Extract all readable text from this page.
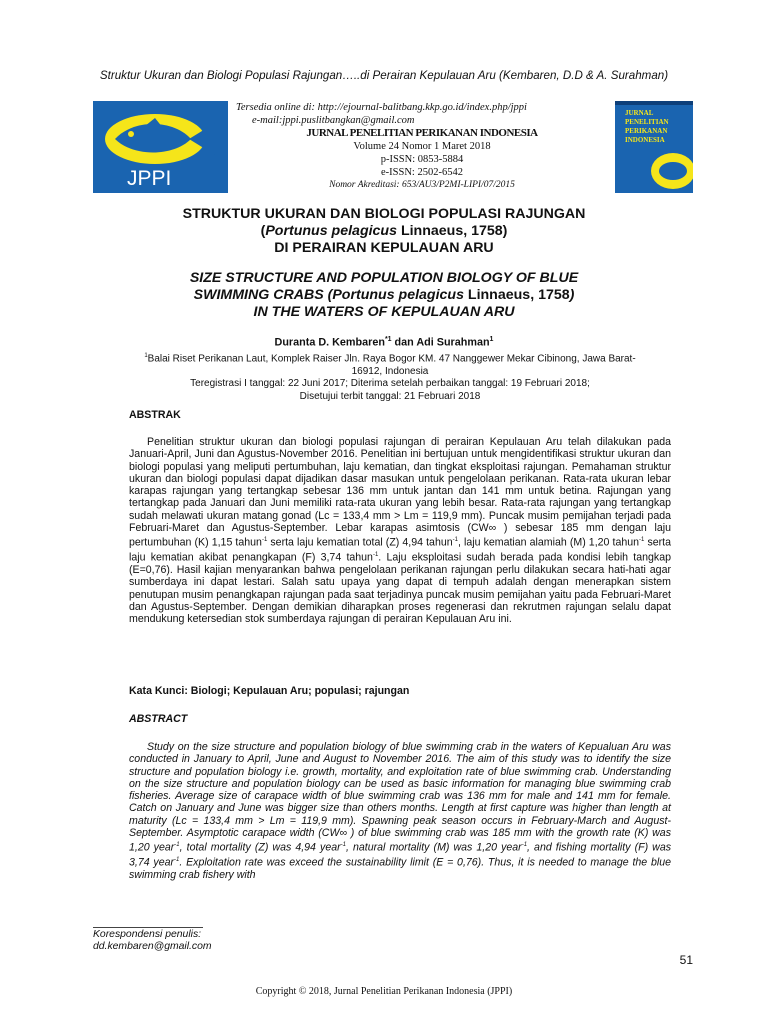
Struktur Ukuran dan Biologi Populasi Rajungan…..di Perairan Kepulauan Aru (Kembaren, D.D & A. Surahman)
JPPI
Tersedia online di: http://ejournal-balitbang.kkp.go.id/index.php/jppi
e-mail:jppi.puslitbangkan@gmail.com
JURNAL PENELITIAN PERIKANAN INDONESIA
Volume 24 Nomor 1 Maret 2018
p-ISSN: 0853-5884
e-ISSN: 2502-6542
Nomor Akreditasi: 653/AU3/P2MI-LIPI/07/2015
JURNAL
PENELITIAN
PERIKANAN
INDONESIA
STRUKTUR UKURAN DAN BIOLOGI POPULASI RAJUNGAN
(Portunus pelagicus Linnaeus, 1758)
DI PERAIRAN KEPULAUAN ARU
SIZE STRUCTURE AND POPULATION BIOLOGY OF BLUE
SWIMMING CRABS (Portunus pelagicus Linnaeus, 1758)
IN THE WATERS OF KEPULAUAN ARU
Duranta D. Kembaren$^{*1}$ dan Adi Surahman$^1$
$^1$Balai Riset Perikanan Laut, Komplek Raiser Jln. Raya Bogor KM. 47 Nanggewer Mekar Cibinong, Jawa Barat-16912, Indonesia
Teregistrasi I tanggal: 22 Juni 2017; Diterima setelah perbaikan tanggal: 19 Februari 2018;
Disetujui terbit tanggal: 21 Februari 2018
ABSTRAK

Penelitian struktur ukuran dan biologi populasi rajungan di perairan Kepulauan Aru telah dilakukan pada Januari-April, Juni dan Agustus-November 2016. Penelitian ini bertujuan untuk mengidentifikasi struktur ukuran dan biologi populasi yang meliputi pertumbuhan, laju kematian, dan tingkat eksploitasi rajungan. Pemahaman struktur ukuran dan biologi populasi dapat dijadikan dasar masukan untuk pengelolaan perikanan. Rata-rata ukuran lebar karapas rajungan yang tertangkap sebesar 136 mm untuk jantan dan 141 mm untuk betina. Rajungan yang tertangkap pada Januari dan Juni memiliki rata-rata ukuran yang lebih besar. Rata-rata rajungan yang tertangkap sudah melawati ukuran matang gonad (Lc = 133,4 mm > Lm = 119,9 mm). Puncak musim pemijahan terjadi pada Februari-Maret dan Agustus-September. Lebar karapas asimtosis (CW∞ ) sebesar 185 mm dengan laju pertumbuhan (K) 1,15 tahun$^{-1}$ serta laju kematian total (Z) 4,94 tahun$^{-1}$, laju kematian alamiah (M) 1,20 tahun$^{-1}$ serta laju kematian akibat penangkapan (F) 3,74 tahun$^{-1}$. Laju eksploitasi sudah berada pada kondisi lebih tangkap (E=0,76). Hasil kajian menyarankan bahwa pengelolaan perikanan rajungan perlu dilakukan secara hati-hati agar sumberdaya ini dapat lestari. Salah satu upaya yang dapat di tempuh adalah dengan menerapkan sistem penutupan musim penangkapan rajungan pada saat terjadinya puncak musim pemijahan yaitu pada Februari-Maret dan Agustus-September. Dengan demikian diharapkan proses regenerasi dan rekrutmen rajungan selalu dapat mendukung ketersedian stok sumberdaya rajungan di perairan Kepulauan Aru ini.

Kata Kunci: Biologi; Kepulauan Aru; populasi; rajungan
ABSTRACT

Study on the size structure and population biology of blue swimming crab in the waters of Kepualuan Aru was conducted in January to April, June and August to November 2016. The aim of this study was to identify the size structure and population biology i.e. growth, mortality, and exploitation rate of blue swimming crab. Understanding on the size structure and population biology can be used as basic information for managing blue swimming crab fisheries. Average size of carapace width of blue swimming crab was 136 mm for male and 141 mm for female. Catch on January and June was bigger size than others months. Length at first capture was higher than length at maturity (Lc = 133,4 mm > Lm = 119,9 mm). Spawning peak season occurs in February-March and August-September. Asymptotic carapace width (CW∞ ) of blue swimming crab was 185 mm with the growth rate (K) was 1,20 year$^{-1}$, total mortality (Z) was 4,94 year$^{-1}$, natural mortality (M) was 1,20 year$^{-1}$, and fishing mortality (F) was 3,74 year$^{-1}$. Exploitation rate was exceed the sustainability limit (E = 0,76). Thus, it is needed to manage the blue swimming crab fishery with

Korespondensi penulis:
dd.kembaren@gmail.com
51
Copyright © 2018, Jurnal Penelitian Perikanan Indonesia (JPPI)
